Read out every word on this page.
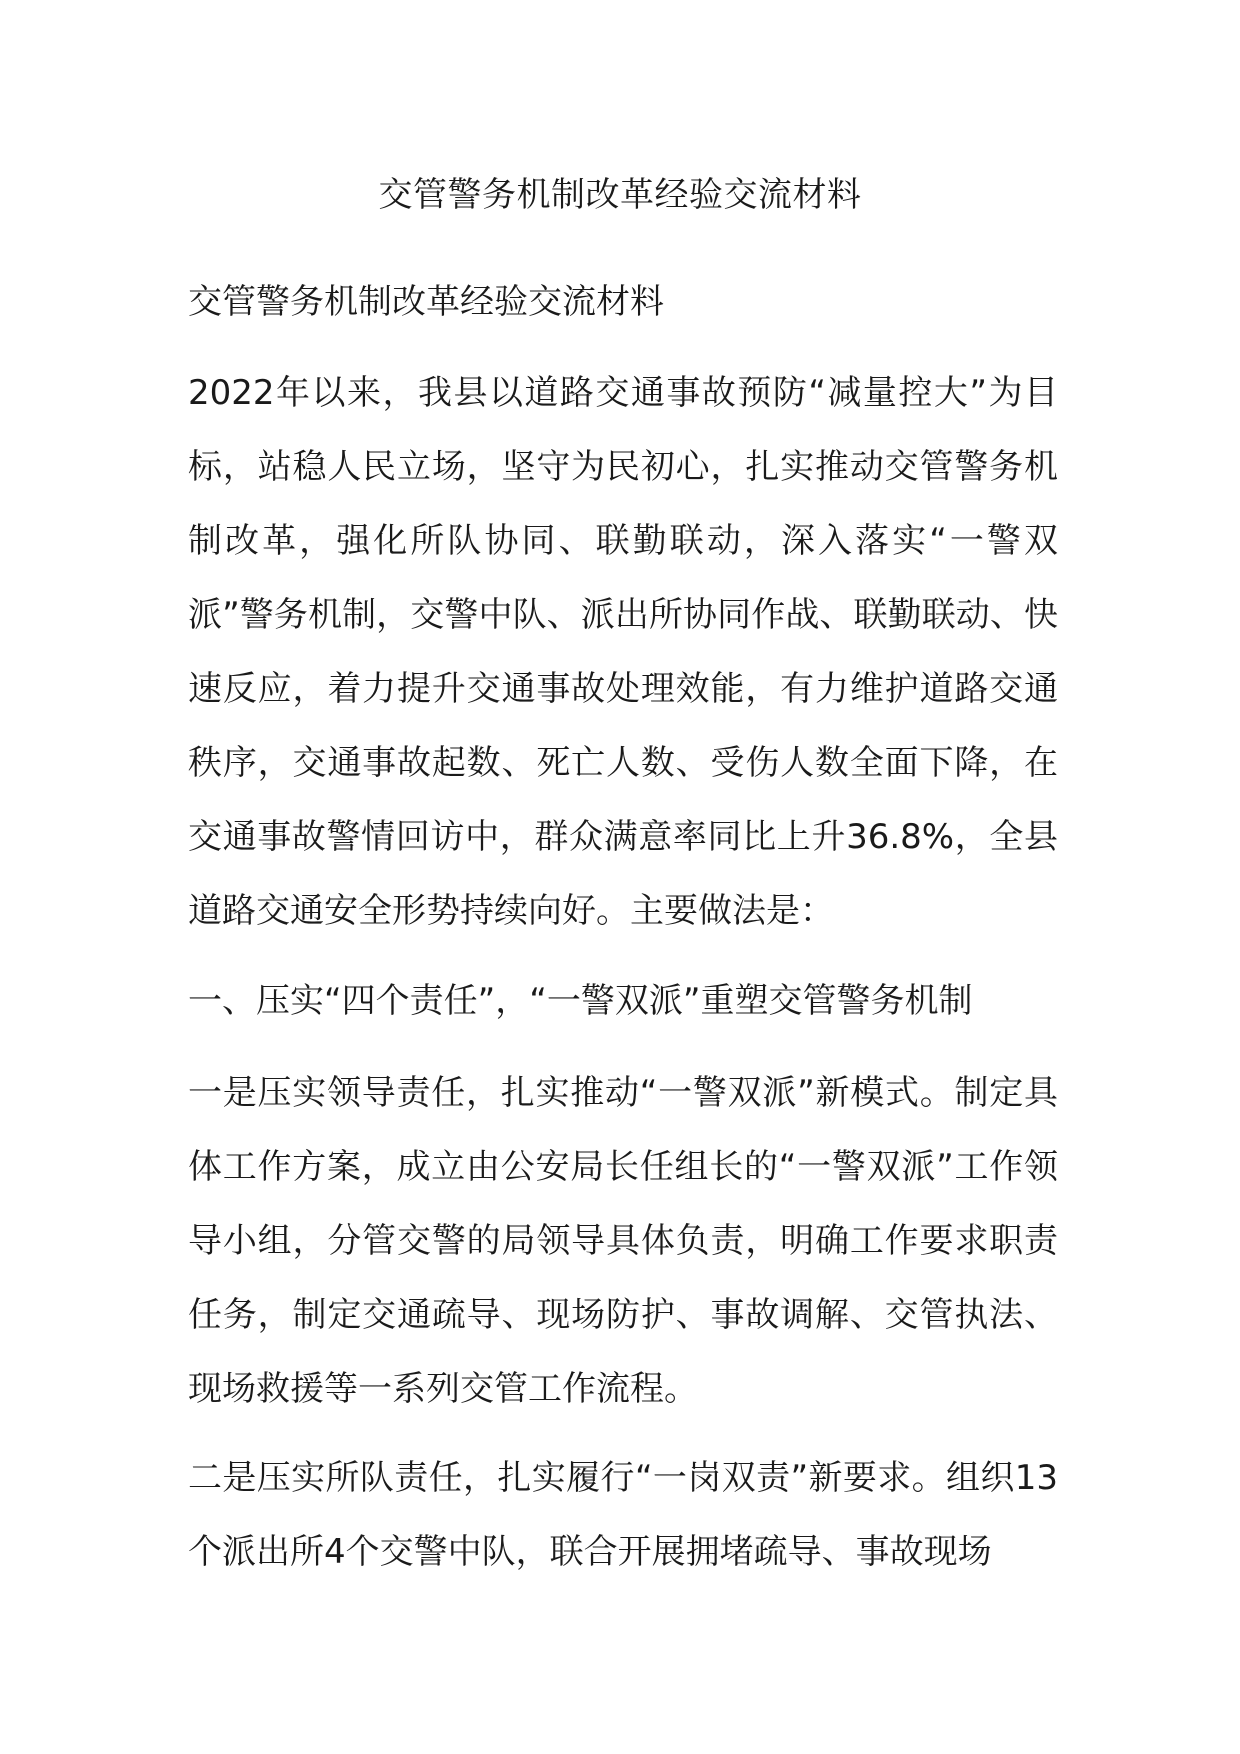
交管警务机制改革经验交流材料

交管警务机制改革经验交流材料

2022年以来，我县以道路交通事故预防“减量控大”为目标，站稳人民立场，坚守为民初心，扎实推动交管警务机制改革，强化所队协同、联勤联动，深入落实“一警双派”警务机制，交警中队、派出所协同作战、联勤联动、快速反应，着力提升交通事故处理效能，有力维护道路交通秩序，交通事故起数、死亡人数、受伤人数全面下降，在交通事故警情回访中，群众满意率同比上升36.8%，全县道路交通安全形势持续向好。主要做法是：

一、压实“四个责任”，“一警双派”重塑交管警务机制

一是压实领导责任，扎实推动“一警双派”新模式。制定具体工作方案，成立由公安局长任组长的“一警双派”工作领导小组，分管交警的局领导具体负责，明确工作要求职责任务，制定交通疏导、现场防护、事故调解、交管执法、现场救援等一系列交管工作流程。

二是压实所队责任，扎实履行“一岗双责”新要求。组织13个派出所4个交警中队，联合开展拥堵疏导、事故现场
